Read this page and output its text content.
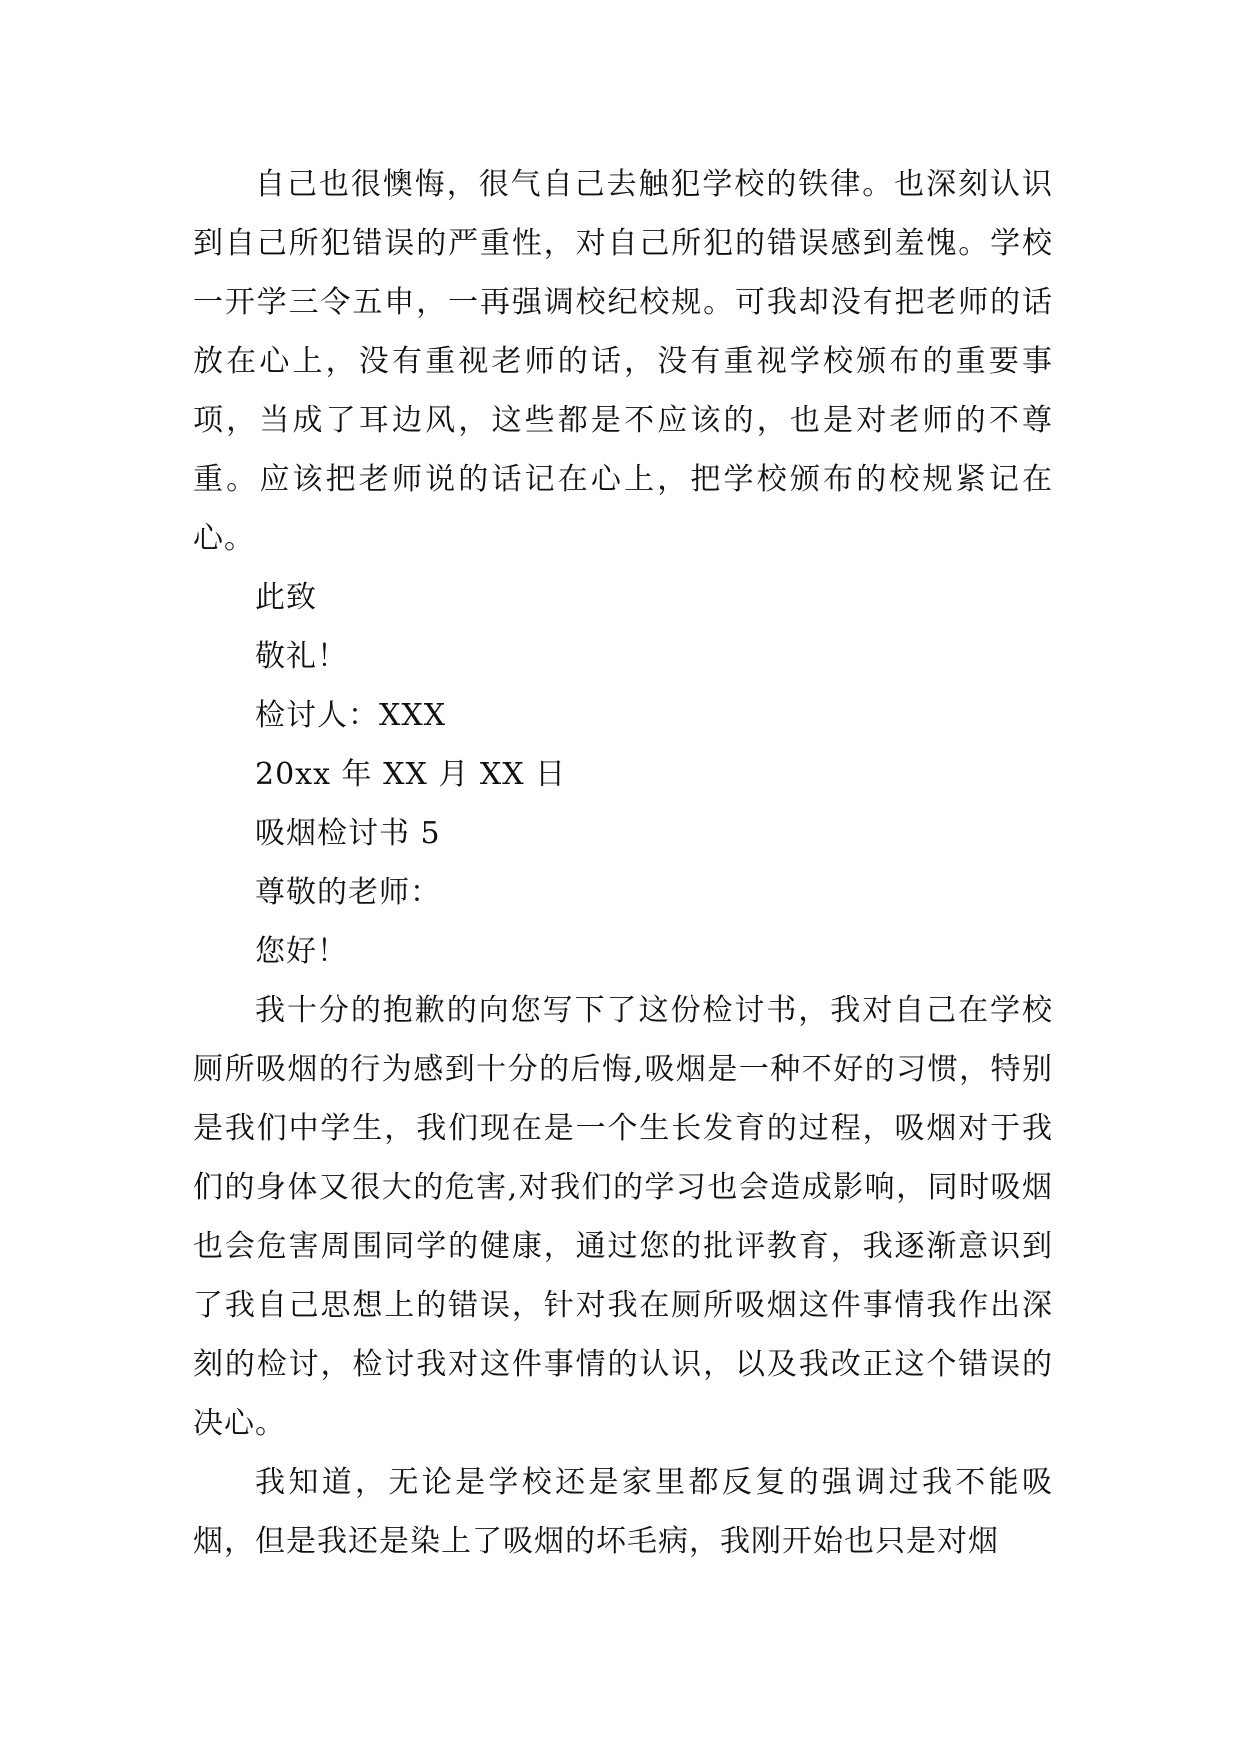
自己也很懊悔，很气自己去触犯学校的铁律。也深刻认识到自己所犯错误的严重性，对自己所犯的错误感到羞愧。学校一开学三令五申，一再强调校纪校规。可我却没有把老师的话放在心上，没有重视老师的话，没有重视学校颁布的重要事项，当成了耳边风，这些都是不应该的，也是对老师的不尊重。应该把老师说的话记在心上，把学校颁布的校规紧记在心。

此致

敬礼！

检讨人：XXX

20xx 年 XX 月 XX 日

吸烟检讨书 5

尊敬的老师：

您好！

我十分的抱歉的向您写下了这份检讨书，我对自己在学校厕所吸烟的行为感到十分的后悔,吸烟是一种不好的习惯，特别是我们中学生，我们现在是一个生长发育的过程，吸烟对于我们的身体又很大的危害,对我们的学习也会造成影响，同时吸烟也会危害周围同学的健康，通过您的批评教育，我逐渐意识到了我自己思想上的错误，针对我在厕所吸烟这件事情我作出深刻的检讨，检讨我对这件事情的认识，以及我改正这个错误的决心。

我知道，无论是学校还是家里都反复的强调过我不能吸烟，但是我还是染上了吸烟的坏毛病，我刚开始也只是对烟
